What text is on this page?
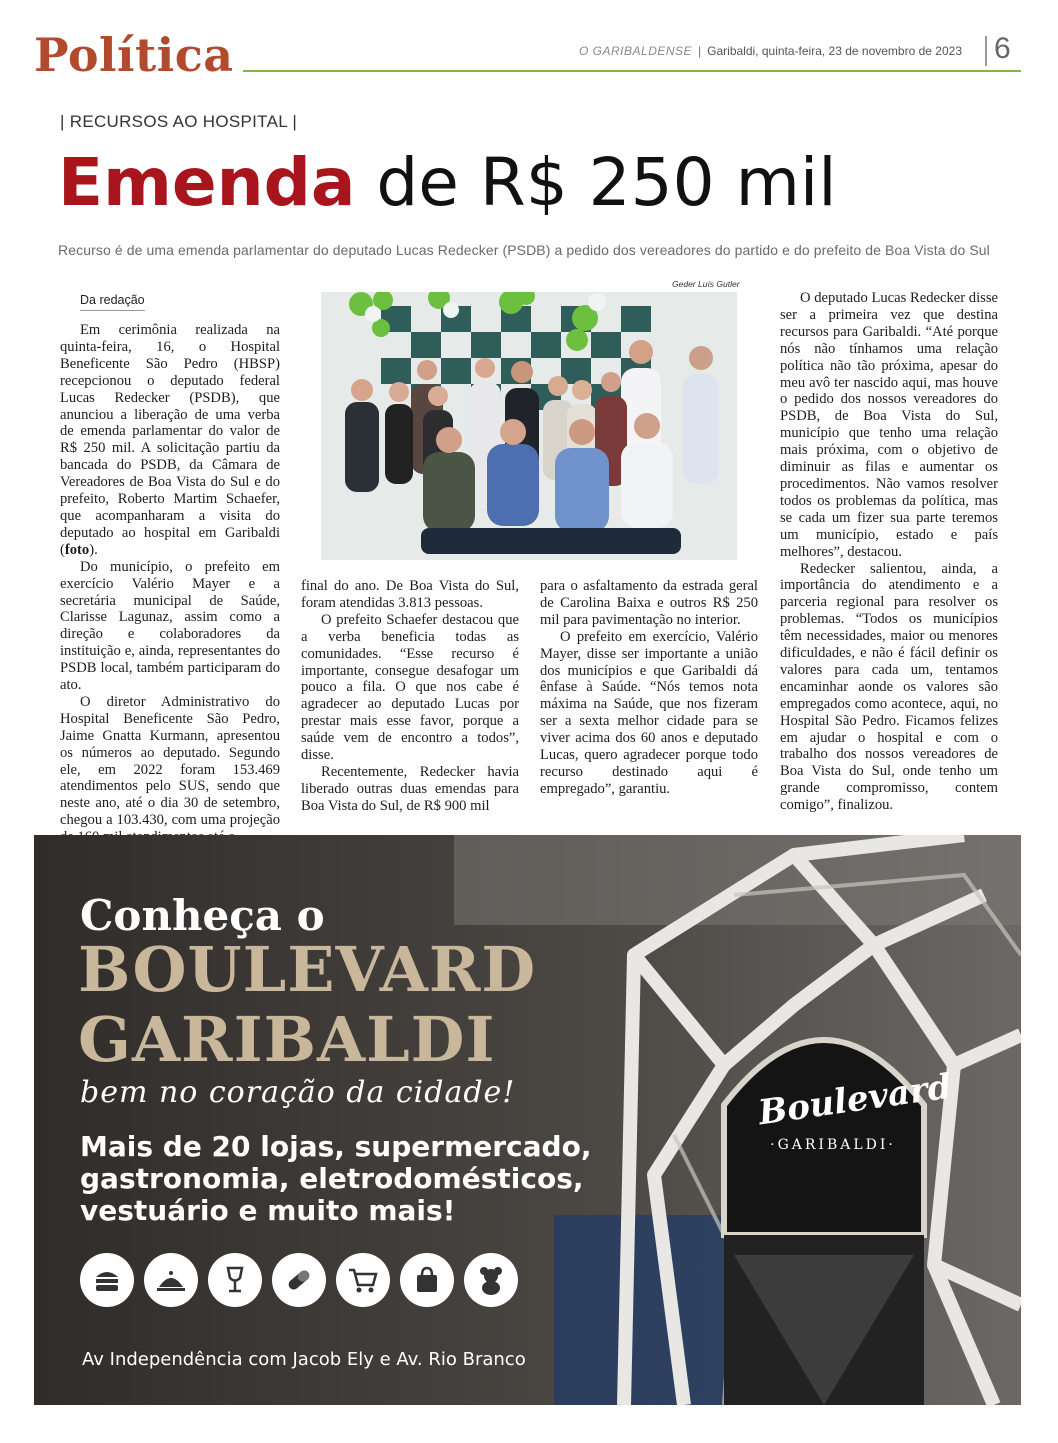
Política	O GARIBALDENSE | Garibaldi, quinta-feira, 23 de novembro de 2023 6
| RECURSOS AO HOSPITAL |
Emenda de R$ 250 mil
Recurso é de uma emenda parlamentar do deputado Lucas Redecker (PSDB) a pedido dos vereadores do partido e do prefeito de Boa Vista do Sul
Da redação

Em cerimônia realizada na quinta-feira, 16, o Hospital Beneficente São Pedro (HBSP) recepcionou o deputado federal Lucas Redecker (PSDB), que anunciou a liberação de uma verba de emenda parlamentar do valor de R$ 250 mil. A solicitação partiu da bancada do PSDB, da Câmara de Vereadores de Boa Vista do Sul e do prefeito, Roberto Martim Schaefer, que acompanharam a visita do deputado ao hospital em Garibaldi (foto).

Do município, o prefeito em exercício Valério Mayer e a secretária municipal de Saúde, Clarisse Lagunaz, assim como a direção e colaboradores da instituição e, ainda, representantes do PSDB local, também participaram do ato.

O diretor Administrativo do Hospital Beneficente São Pedro, Jaime Gnatta Kurmann, apresentou os números ao deputado. Segundo ele, em 2022 foram 153.469 atendimentos pelo SUS, sendo que neste ano, até o dia 30 de setembro, chegou a 103.430, com uma projeção

Geder Luís Gutler

final do ano. De Boa Vista do Sul, foram atendidas 3.813 pessoas.

O prefeito Schaefer destacou que a verba beneficia todas as comunidades. “Esse recurso é importante, consegue desafogar um pouco a fila. O que nos cabe é agradecer ao deputado Lucas por prestar mais esse favor, porque a saúde vem de encontro a todos”, disse.

Recentemente, Redecker havia liberado outras duas emendas para Boa Vista do Sul, de R$ 900 mil

para o asfaltamento da estrada geral de Carolina Baixa e outros R$ 250 mil para pavimentação no interior.

O prefeito em exercício, Valério Mayer, disse ser importante a união dos municípios e que Garibaldi dá ênfase à Saúde. “Nós temos nota máxima na Saúde, que nos fizeram ser a sexta melhor cidade para se viver acima dos 60 anos e deputado Lucas, quero agradecer porque todo recurso destinado aqui é empregado”, garantiu.

O deputado Lucas Redecker disse ser a primeira vez que destina recursos para Garibaldi. “Até porque nós não tínhamos uma relação política não tão próxima, apesar do meu avô ter nascido aqui, mas houve o pedido dos nossos vereadores do PSDB, de Boa Vista do Sul, município que tenho uma relação mais próxima, com o objetivo de diminuir as filas e aumentar os procedimentos. Não vamos resolver todos os problemas da política, mas se cada um fizer sua parte teremos um município, estado e país melhores”, destacou.

Redecker salientou, ainda, a importância do atendimento e a parceria regional para resolver os problemas. “Todos os municípios têm necessidades, maior ou menores dificuldades, e não é fácil definir os valores para cada um, tentamos encaminhar aonde os valores são empregados como acontece, aqui, no Hospital São Pedro. Ficamos felizes em ajudar o hospital e com o trabalho dos nossos vereadores de Boa Vista do Sul, onde tenho um grande compromisso, contem comigo”, finalizou.

Conheça o
BOULEVARD
GARIBALDI
bem no coração da cidade!
Mais de 20 lojas, supermercado, gastronomia, eletrodomésticos, vestuário e muito mais!
Av Independência com Jacob Ely e Av. Rio Branco
Boulevard
·GARIBALDI·
